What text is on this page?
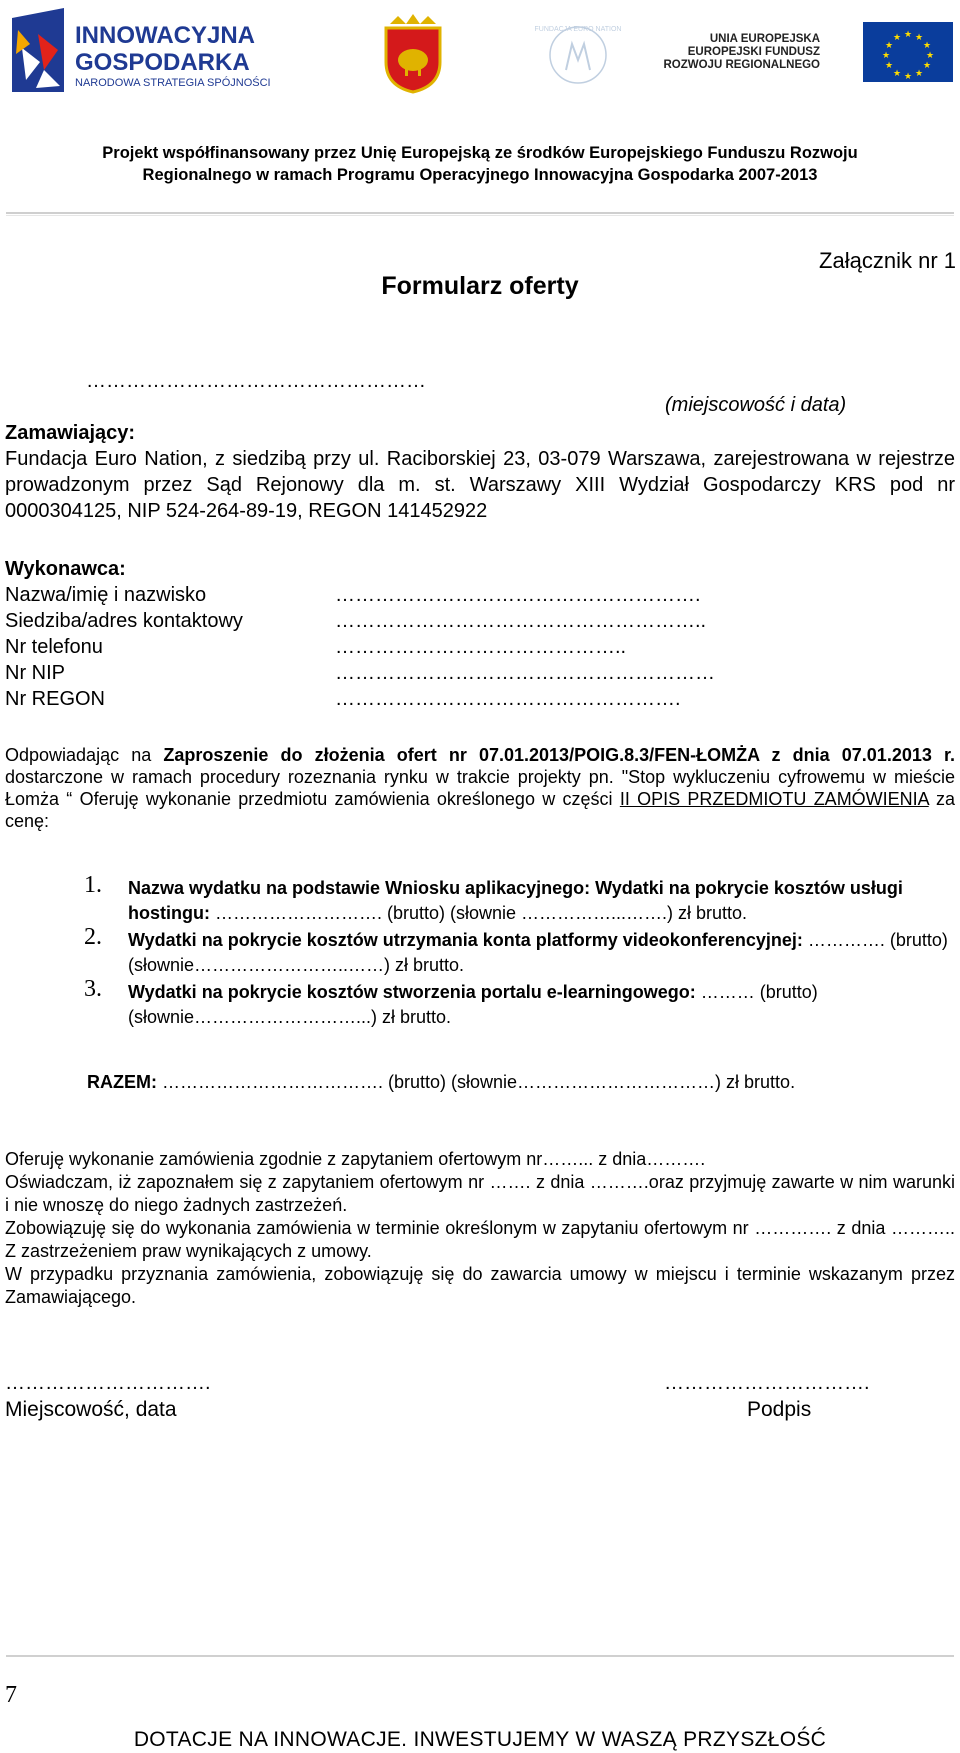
INNOWACYJNA
GOSPODARKA
NARODOWA STRATEGIA SPÓJNOŚCI
FUNDACJA EURO NATION
UNIA EUROPEJSKA
EUROPEJSKI FUNDUSZ
ROZWOJU REGIONALNEGO
★ ★
★
★
★
★
★
★
★
★
★
★
Projekt współfinansowany przez Unię Europejską ze środków Europejskiego Funduszu Rozwoju
Regionalnego w ramach Programu Operacyjnego Innowacyjna Gospodarka 2007-2013
Załącznik nr 1
Formularz oferty
……………………………………………
(miejscowość i data)
Zamawiający:
Fundacja Euro Nation, z siedzibą przy ul. Raciborskiej 23, 03-079 Warszawa, zarejestrowana w rejestrze prowadzonym przez Sąd Rejonowy dla m. st. Warszawy XIII Wydział Gospodarczy KRS pod nr 0000304125, NIP 524-264-89-19, REGON 141452922
Wykonawca:
Nazwa/imię i nazwisko	……………………………………………….
Siedziba/adres kontaktowy	………………………………………………..
Nr telefonu	……………………………………..
Nr NIP	…………………………………………………
Nr REGON	…………………………………………….
Odpowiadając na Zaproszenie do złożenia ofert nr 07.01.2013/POIG.8.3/FEN-ŁOMŻA z dnia 07.01.2013 r. dostarczone w ramach procedury rozeznania rynku w trakcie projekty pn. "Stop wykluczeniu cyfrowemu w mieście Łomża “ Oferuję wykonanie przedmiotu zamówienia określonego w części II OPIS PRZEDMIOTU ZAMÓWIENIA za cenę:
1. Nazwa wydatku na podstawie Wniosku aplikacyjnego: Wydatki na pokrycie kosztów usługi hostingu: ………………………. (brutto) (słownie ……………...…….) zł brutto.
2. Wydatki na pokrycie kosztów utrzymania konta platformy videokonferencyjnej: …………. (brutto) (słownie……………………..……) zł brutto.
3. Wydatki na pokrycie kosztów stworzenia portalu e-learningowego: ……… (brutto) (słownie………………………...) zł brutto.
RAZEM: ………………………………. (brutto) (słownie……………………………) zł brutto.
Oferuję wykonanie zamówienia zgodnie z zapytaniem ofertowym nr……... z dnia……….
Oświadczam, iż zapoznałem się z zapytaniem ofertowym nr ……. z dnia ……….oraz przyjmuję zawarte w nim warunki i nie wnoszę do niego żadnych zastrzeżeń.
Zobowiązuję się do wykonania zamówienia w terminie określonym w zapytaniu ofertowym nr …………. z dnia ……….. Z zastrzeżeniem praw wynikających z umowy.
W przypadku przyznania zamówienia, zobowiązuję się do zawarcia umowy w miejscu i terminie wskazanym przez Zamawiającego.
………………………….	………………………….
Miejscowość, data	Podpis
7
DOTACJE NA INNOWACJE. INWESTUJEMY W WASZĄ PRZYSZŁOŚĆ
